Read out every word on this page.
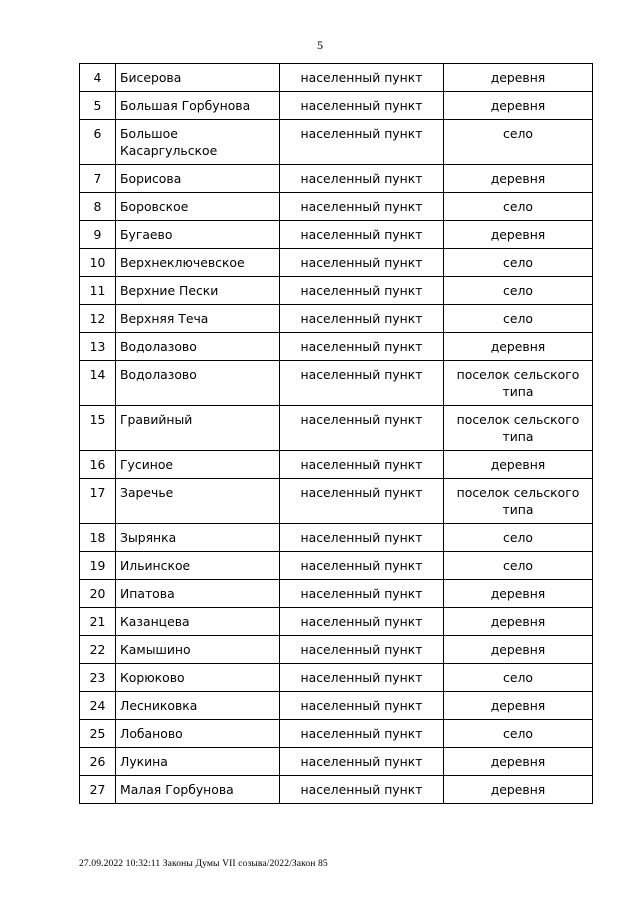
5
4	Бисерова	населенный пункт	деревня
5	Большая Горбунова	населенный пункт	деревня
6	Большое Касаргульское	населенный пункт	село
7	Борисова	населенный пункт	деревня
8	Боровское	населенный пункт	село
9	Бугаево	населенный пункт	деревня
10	Верхнеключевское	населенный пункт	село
11	Верхние Пески	населенный пункт	село
12	Верхняя Теча	населенный пункт	село
13	Водолазово	населенный пункт	деревня
14	Водолазово	населенный пункт	поселок сельского типа
15	Гравийный	населенный пункт	поселок сельского типа
16	Гусиное	населенный пункт	деревня
17	Заречье	населенный пункт	поселок сельского типа
18	Зырянка	населенный пункт	село
19	Ильинское	населенный пункт	село
20	Ипатова	населенный пункт	деревня
21	Казанцева	населенный пункт	деревня
22	Камышино	населенный пункт	деревня
23	Корюково	населенный пункт	село
24	Лесниковка	населенный пункт	деревня
25	Лобаново	населенный пункт	село
26	Лукина	населенный пункт	деревня
27	Малая Горбунова	населенный пункт	деревня
27.09.2022 10:32:11 Законы Думы VII созыва/2022/Закон 85
